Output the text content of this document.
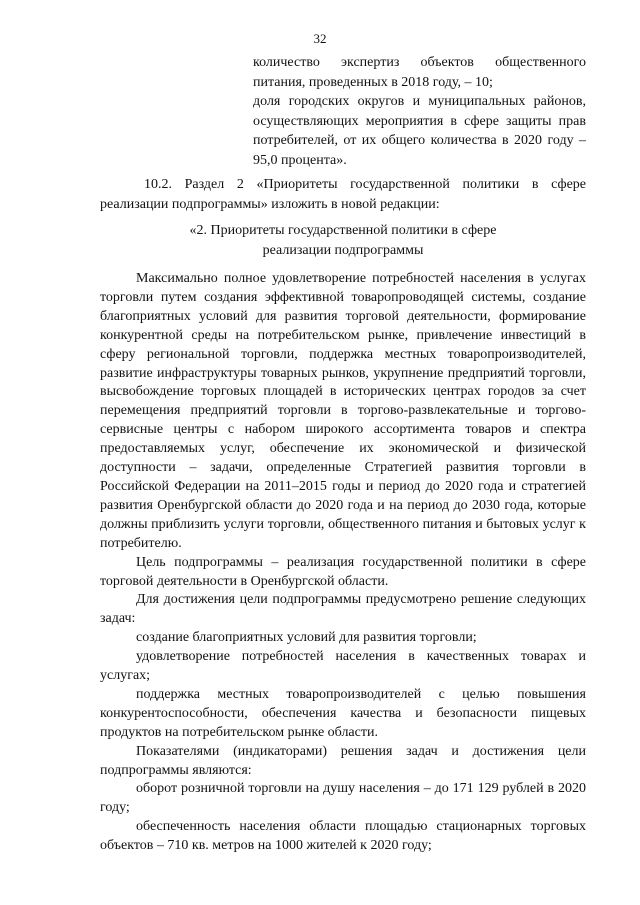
32

количество экспертиз объектов общественного питания, проведенных в 2018 году, – 10;

доля городских округов и муниципальных районов, осуществляющих мероприятия в сфере защиты прав потребителей, от их общего количества в 2020 году – 95,0 процента».

10.2. Раздел 2 «Приоритеты государственной политики в сфере реализации подпрограммы» изложить в новой редакции:

«2. Приоритеты государственной политики в сфере
реализации подпрограммы

Максимально полное удовлетворение потребностей населения в услугах торговли путем создания эффективной товаропроводящей системы, создание благоприятных условий для развития торговой деятельности, формирование конкурентной среды на потребительском рынке, привлечение инвестиций в сферу региональной торговли, поддержка местных товаропроизводителей, развитие инфраструктуры товарных рынков, укрупнение предприятий торговли, высвобождение торговых площадей в исторических центрах городов за счет перемещения предприятий торговли в торгово-развлекательные и торгово-сервисные центры с набором широкого ассортимента товаров и спектра предоставляемых услуг, обеспечение их экономической и физической доступности – задачи, определенные Стратегией развития торговли в Российской Федерации на 2011–2015 годы и период до 2020 года и стратегией развития Оренбургской области до 2020 года и на период до 2030 года, которые должны приблизить услуги торговли, общественного питания и бытовых услуг к потребителю.

Цель подпрограммы – реализация государственной политики в сфере торговой деятельности в Оренбургской области.

Для достижения цели подпрограммы предусмотрено решение следующих задач:

создание благоприятных условий для развития торговли;

удовлетворение потребностей населения в качественных товарах и услугах;

поддержка местных товаропроизводителей с целью повышения конкурентоспособности, обеспечения качества и безопасности пищевых продуктов на потребительском рынке области.

Показателями (индикаторами) решения задач и достижения цели подпрограммы являются:

оборот розничной торговли на душу населения – до 171 129 рублей в 2020 году;

обеспеченность населения области площадью стационарных торговых объектов – 710 кв. метров на 1000 жителей к 2020 году;
